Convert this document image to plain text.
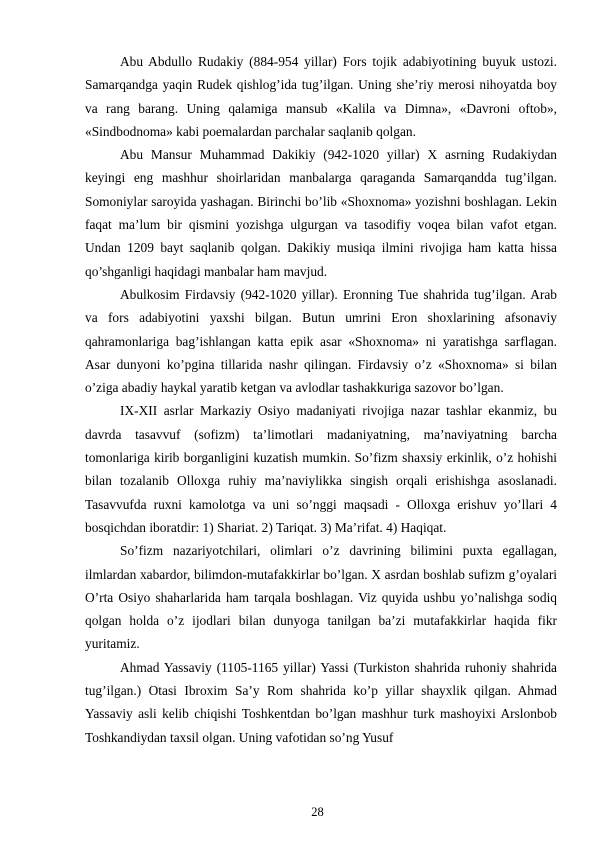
Abu Abdullo Rudakiy (884-954 yillar) Fors tojik adabiyotining buyuk ustozi. Samarqandga yaqin Rudek qishlog’ida tug’ilgan. Uning she’riy merosi nihoyatda boy va rang barang. Uning qalamiga mansub «Kalila va Dimna», «Davroni oftob», «Sindbodnoma» kabi poemalardan parchalar saqlanib qolgan.

Abu Mansur Muhammad Dakikiy (942-1020 yillar) X asrning Rudakiydan keyingi eng mashhur shoirlaridan manbalarga qaraganda Samarqandda tug’ilgan. Somoniylar saroyida yashagan. Birinchi bo’lib «Shoxnoma» yozishni boshlagan. Lekin faqat ma’lum bir qismini yozishga ulgurgan va tasodifiy voqea bilan vafot etgan. Undan 1209 bayt saqlanib qolgan. Dakikiy musiqa ilmini rivojiga ham katta hissa qo’shganligi haqidagi manbalar ham mavjud.

Abulkosim Firdavsiy (942-1020 yillar). Eronning Tue shahrida tug’ilgan. Arab va fors adabiyotini yaxshi bilgan. Butun umrini Eron shoxlarining afsonaviy qahramonlariga bag’ishlangan katta epik asar «Shoxnoma» ni yaratishga sarflagan. Asar dunyoni ko’pgina tillarida nashr qilingan. Firdavsiy o’z «Shoxnoma» si bilan o’ziga abadiy haykal yaratib ketgan va avlodlar tashakkuriga sazovor bo’lgan.

IX-XII asrlar Markaziy Osiyo madaniyati rivojiga nazar tashlar ekanmiz, bu davrda tasavvuf (sofizm) ta’limotlari madaniyatning, ma’naviyatning barcha tomonlariga kirib borganligini kuzatish mumkin. So’fizm shaxsiy erkinlik, o’z hohishi bilan tozalanib Olloxga ruhiy ma’naviylikka singish orqali erishishga asoslanadi. Tasavvufda ruxni kamolotga va uni so’nggi maqsadi - Olloxga erishuv yo’llari 4 bosqichdan iboratdir: 1) Shariat. 2) Tariqat. 3) Ma’rifat. 4) Haqiqat.

So’fizm nazariyotchilari, olimlari o’z davrining bilimini puxta egallagan, ilmlardan xabardor, bilimdon-mutafakkirlar bo’lgan. X asrdan boshlab sufizm g’oyalari O’rta Osiyo shaharlarida ham tarqala boshlagan. Viz quyida ushbu yo’nalishga sodiq qolgan holda o’z ijodlari bilan dunyoga tanilgan ba’zi mutafakkirlar haqida fikr yuritamiz.

Ahmad Yassaviy (1105-1165 yillar) Yassi (Turkiston shahrida ruhoniy shahrida tug’ilgan.) Otasi Ibroxim Sa’y Rom shahrida ko’p yillar shayxlik qilgan. Ahmad Yassaviy asli kelib chiqishi Toshkentdan bo’lgan mashhur turk mashoyixi Arslonbob Toshkandiydan taxsil olgan. Uning vafotidan so’ng Yusuf

28
